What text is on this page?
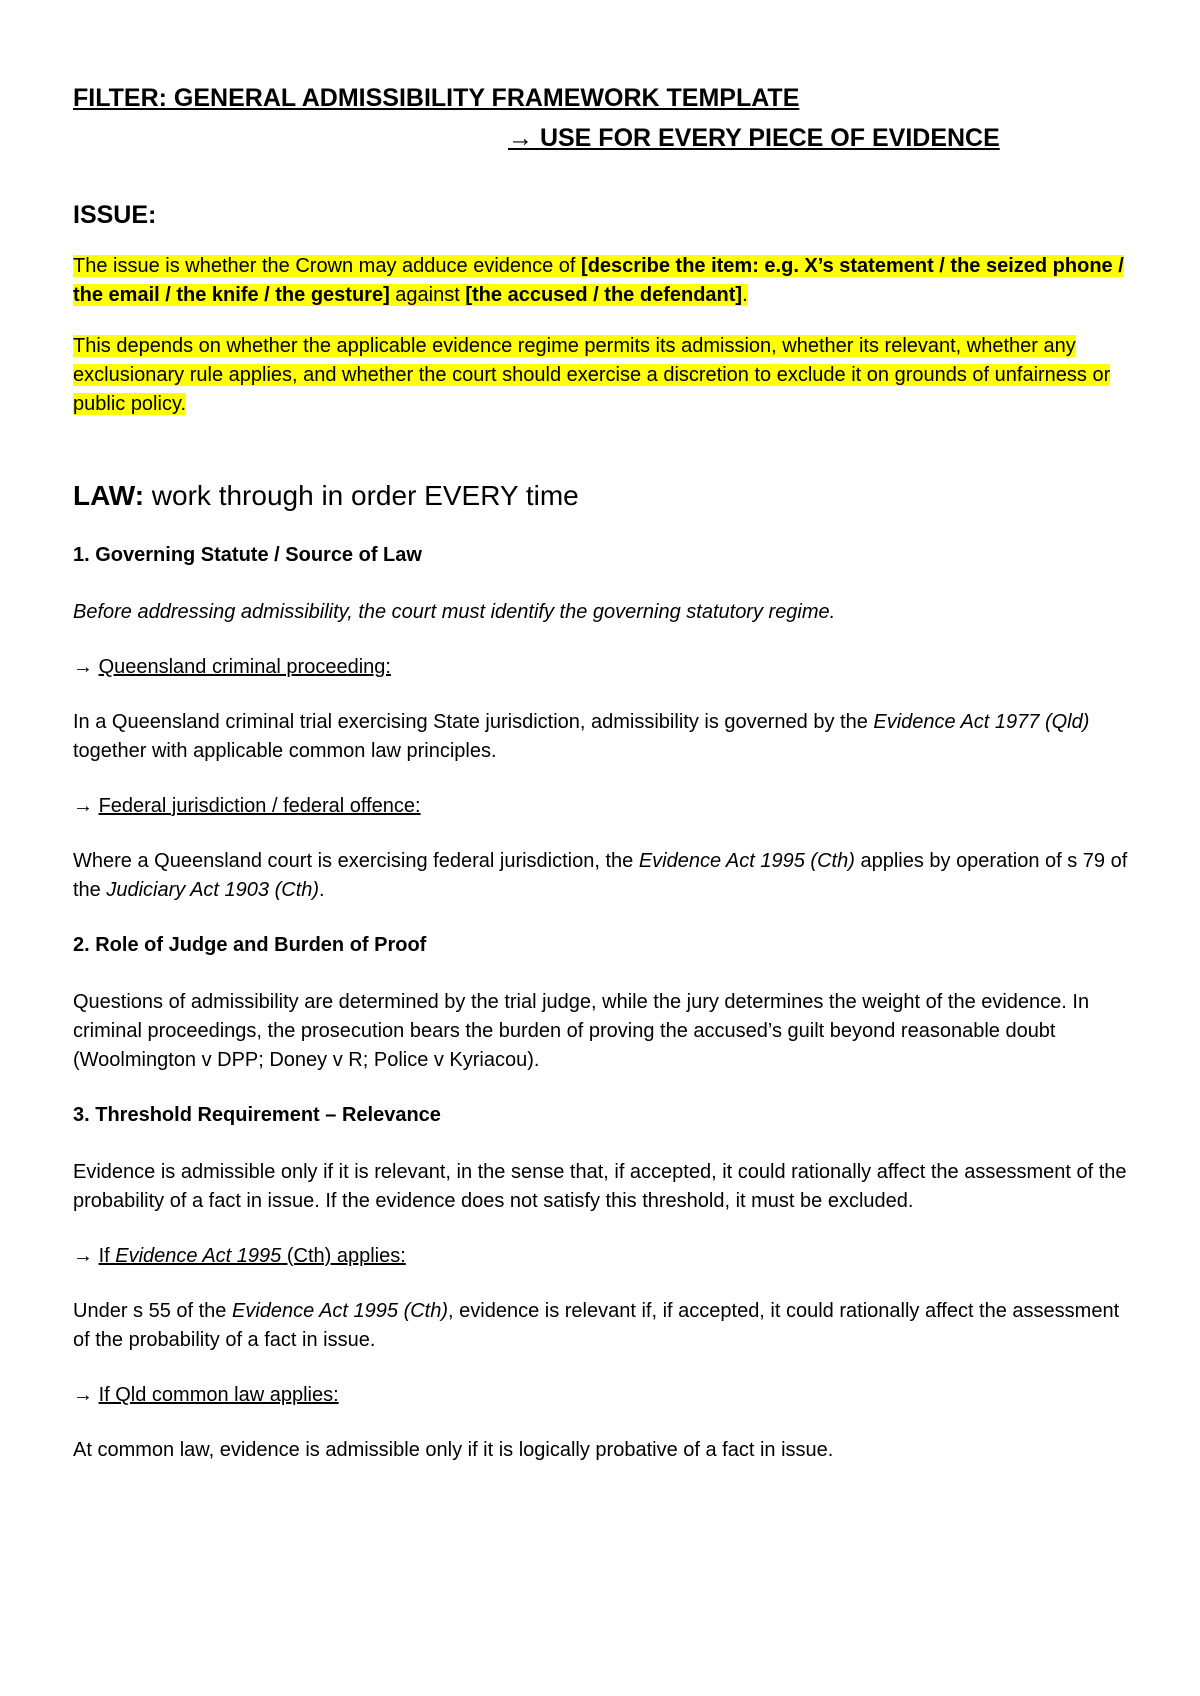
FILTER: GENERAL ADMISSIBILITY FRAMEWORK TEMPLATE
→ USE FOR EVERY PIECE OF EVIDENCE
ISSUE:

The issue is whether the Crown may adduce evidence of [describe the item: e.g. X’s statement / the seized phone / the email / the knife / the gesture] against [the accused / the defendant].

This depends on whether the applicable evidence regime permits its admission, whether its relevant, whether any exclusionary rule applies, and whether the court should exercise a discretion to exclude it on grounds of unfairness or public policy.

LAW: work through in order EVERY time
1. Governing Statute / Source of Law

Before addressing admissibility, the court must identify the governing statutory regime.

→ Queensland criminal proceeding:

In a Queensland criminal trial exercising State jurisdiction, admissibility is governed by the Evidence Act 1977 (Qld) together with applicable common law principles.

→ Federal jurisdiction / federal offence:

Where a Queensland court is exercising federal jurisdiction, the Evidence Act 1995 (Cth) applies by operation of s 79 of the Judiciary Act 1903 (Cth).

2. Role of Judge and Burden of Proof

Questions of admissibility are determined by the trial judge, while the jury determines the weight of the evidence. In criminal proceedings, the prosecution bears the burden of proving the accused’s guilt beyond reasonable doubt (Woolmington v DPP; Doney v R; Police v Kyriacou).

3. Threshold Requirement – Relevance

Evidence is admissible only if it is relevant, in the sense that, if accepted, it could rationally affect the assessment of the probability of a fact in issue. If the evidence does not satisfy this threshold, it must be excluded.

→ If Evidence Act 1995 (Cth) applies:

Under s 55 of the Evidence Act 1995 (Cth), evidence is relevant if, if accepted, it could rationally affect the assessment of the probability of a fact in issue.

→ If Qld common law applies:

At common law, evidence is admissible only if it is logically probative of a fact in issue.
